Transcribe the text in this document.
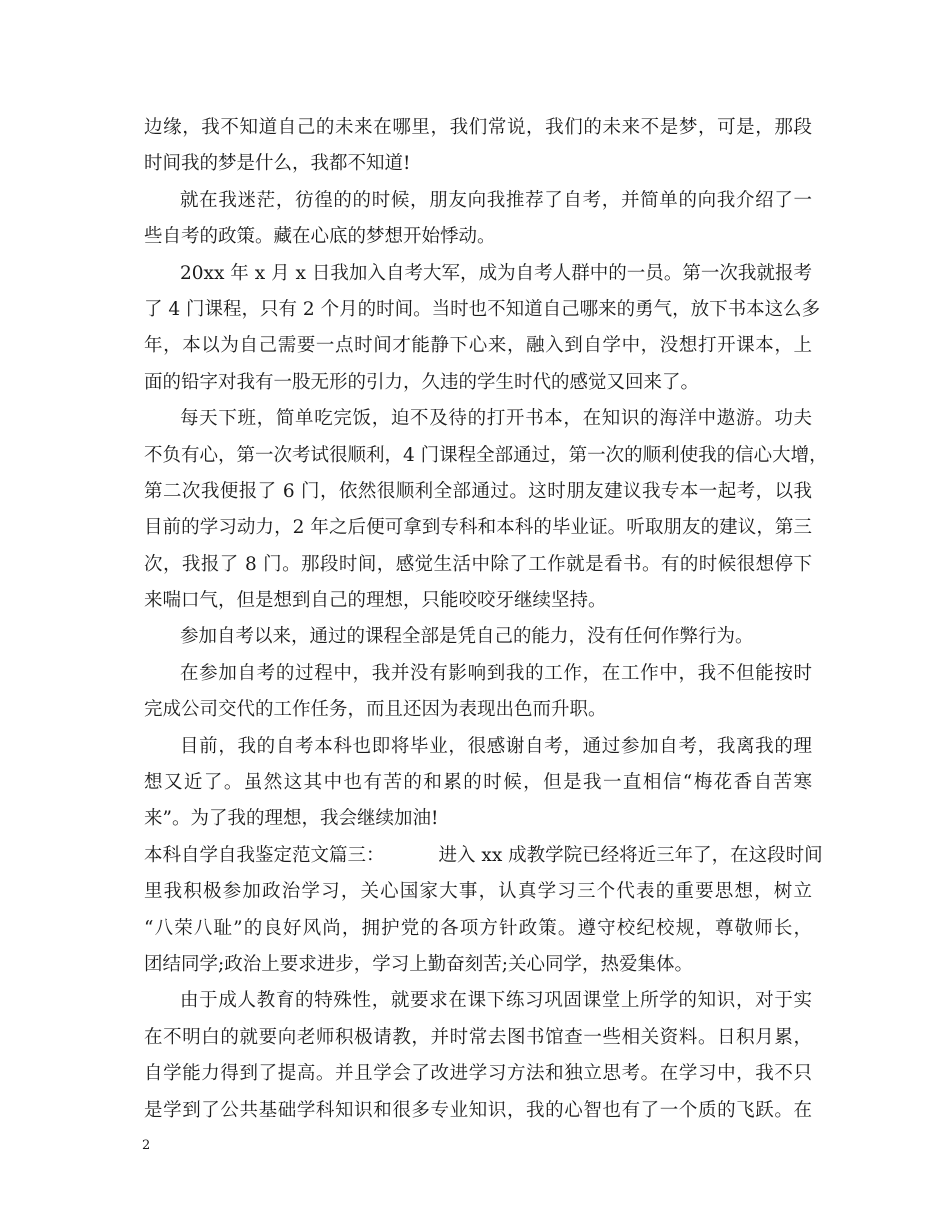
边缘，我不知道自己的未来在哪里，我们常说，我们的未来不是梦，可是，那段
时间我的梦是什么，我都不知道!
就在我迷茫，彷徨的的时候，朋友向我推荐了自考，并简单的向我介绍了一
些自考的政策。藏在心底的梦想开始悸动。
20xx 年 x 月 x 日我加入自考大军，成为自考人群中的一员。第一次我就报考
了 4 门课程，只有 2 个月的时间。当时也不知道自己哪来的勇气，放下书本这么多
年，本以为自己需要一点时间才能静下心来，融入到自学中，没想打开课本，上
面的铅字对我有一股无形的引力，久违的学生时代的感觉又回来了。
每天下班，简单吃完饭，迫不及待的打开书本，在知识的海洋中遨游。功夫
不负有心，第一次考试很顺利，4 门课程全部通过，第一次的顺利使我的信心大增，
第二次我便报了 6 门，依然很顺利全部通过。这时朋友建议我专本一起考，以我
目前的学习动力，2 年之后便可拿到专科和本科的毕业证。听取朋友的建议，第三
次，我报了 8 门。那段时间，感觉生活中除了工作就是看书。有的时候很想停下
来喘口气，但是想到自己的理想，只能咬咬牙继续坚持。
参加自考以来，通过的课程全部是凭自己的能力，没有任何作弊行为。
在参加自考的过程中，我并没有影响到我的工作，在工作中，我不但能按时
完成公司交代的工作任务，而且还因为表现出色而升职。
目前，我的自考本科也即将毕业，很感谢自考，通过参加自考，我离我的理
想又近了。虽然这其中也有苦的和累的时候，但是我一直相信“梅花香自苦寒
来”。为了我的理想，我会继续加油!
本科自学自我鉴定范文篇三：	进入 xx 成教学院已经将近三年了，在这段时间
里我积极参加政治学习，关心国家大事，认真学习三个代表的重要思想，树立
“八荣八耻”的良好风尚，拥护党的各项方针政策。遵守校纪校规，尊敬师长，
团结同学;政治上要求进步，学习上勤奋刻苦;关心同学，热爱集体。
由于成人教育的特殊性，就要求在课下练习巩固课堂上所学的知识，对于实
在不明白的就要向老师积极请教，并时常去图书馆查一些相关资料。日积月累，
自学能力得到了提高。并且学会了改进学习方法和独立思考。在学习中，我不只
是学到了公共基础学科知识和很多专业知识，我的心智也有了一个质的飞跃。在
2
